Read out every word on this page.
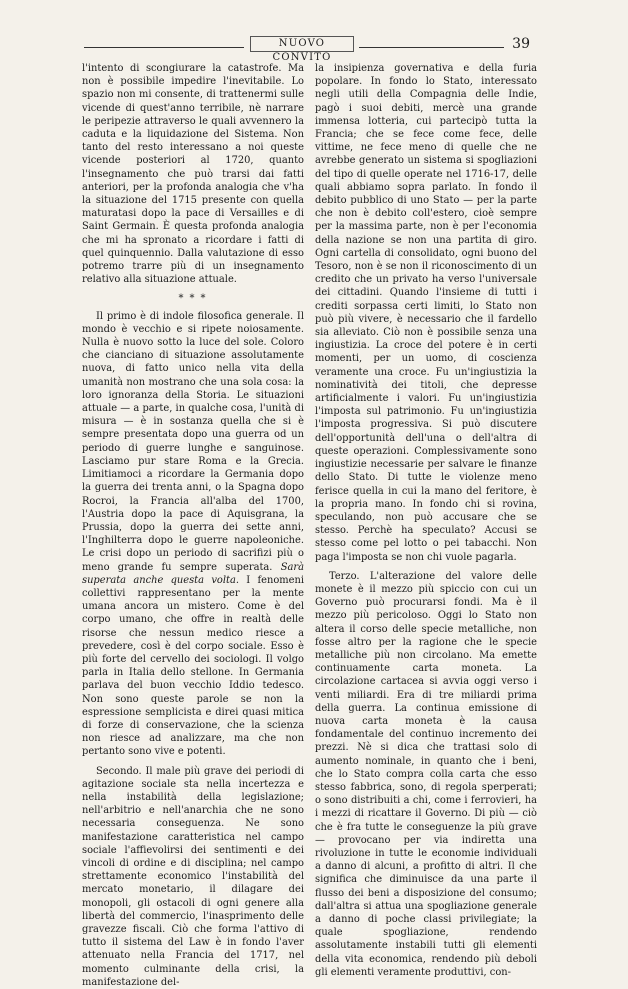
NUOVO CONVITO
39

l'intento di scongiurare la catastrofe. Ma non è possibile impedire l'inevitabile. Lo spazio non mi consente, di trattenermi sulle vicende di quest'anno terribile, nè narrare le peripezie attraverso le quali avvennero la caduta e la liquidazione del Sistema. Non tanto del resto interessano a noi queste vicende posteriori al 1720, quanto l'insegnamento che può trarsi dai fatti anteriori, per la profonda analogia che v'ha la situazione del 1715 presente con quella maturatasi dopo la pace di Versailles e di Saint Germain. È questa profonda analogia che mi ha spronato a ricordare i fatti di quel quinquennio. Dalla valutazione di esso potremo trarre più di un insegnamento relativo alla situazione attuale.

* * *

Il primo è di indole filosofica generale. Il mondo è vecchio e si ripete noiosamente. Nulla è nuovo sotto la luce del sole. Coloro che cianciano di situazione assolutamente nuova, di fatto unico nella vita della umanità non mostrano che una sola cosa: la loro ignoranza della Storia. Le situazioni attuale — a parte, in qualche cosa, l'unità di misura — è in sostanza quella che si è sempre presentata dopo una guerra od un periodo di guerre lunghe e sanguinose. Lasciamo pur stare Roma e la Grecia. Limitiamoci a ricordare la Germania dopo la guerra dei trenta anni, o la Spagna dopo Rocroi, la Francia all'alba del 1700, l'Austria dopo la pace di Aquisgrana, la Prussia, dopo la guerra dei sette anni, l'Inghilterra dopo le guerre napoleoniche. Le crisi dopo un periodo di sacrifizi più o meno grande fu sempre superata. Sarà superata anche questa volta. I fenomeni collettivi rappresentano per la mente umana ancora un mistero. Come è del corpo umano, che offre in realtà delle risorse che nessun medico riesce a prevedere, così è del corpo sociale. Esso è più forte del cervello dei sociologi. Il volgo parla in Italia dello stellone. In Germania parlava del buon vecchio Iddio tedesco. Non sono queste parole se non la espressione semplicista e direi quasi mitica di forze di conservazione, che la scienza non riesce ad analizzare, ma che non pertanto sono vive e potenti.

Secondo. Il male più grave dei periodi di agitazione sociale sta nella incertezza e nella instabilità della legislazione; nell'arbitrio e nell'anarchia che ne sono necessaria conseguenza. Ne sono manifestazione caratteristica nel campo sociale l'affievolirsi dei sentimenti e dei vincoli di ordine e di disciplina; nel campo strettamente economico l'instabilità del mercato monetario, il dilagare dei monopoli, gli ostacoli di ogni genere alla libertà del commercio, l'inasprimento delle gravezze fiscali. Ciò che forma l'attivo di tutto il sistema del Law è in fondo l'aver attenuato nella Francia del 1717, nel momento culminante della crisi, la manifestazione del-

la insipienza governativa e della furia popolare. In fondo lo Stato, interessato negli utili della Compagnia delle Indie, pagò i suoi debiti, mercè una grande immensa lotteria, cui partecipò tutta la Francia; che se fece come fece, delle vittime, ne fece meno di quelle che ne avrebbe generato un sistema si spogliazioni del tipo di quelle operate nel 1716-17, delle quali abbiamo sopra parlato. In fondo il debito pubblico di uno Stato — per la parte che non è debito coll'estero, cioè sempre per la massima parte, non è per l'economia della nazione se non una partita di giro. Ogni cartella di consolidato, ogni buono del Tesoro, non è se non il riconoscimento di un credito che un privato ha verso l'universale dei cittadini. Quando l'insieme di tutti i crediti sorpassa certi limiti, lo Stato non può più vivere, è necessario che il fardello sia alleviato. Ciò non è possibile senza una ingiustizia. La croce del potere è in certi momenti, per un uomo, di coscienza veramente una croce. Fu un'ingiustizia la nominatività dei titoli, che depresse artificialmente i valori. Fu un'ingiustizia l'imposta sul patrimonio. Fu un'ingiustizia l'imposta progressiva. Si può discutere dell'opportunità dell'una o dell'altra di queste operazioni. Complessivamente sono ingiustizie necessarie per salvare le finanze dello Stato. Di tutte le violenze meno ferisce quella in cui la mano del feritore, è la propria mano. In fondo chi si rovina, speculando, non può accusare che se stesso. Perchè ha speculato? Accusi se stesso come pel lotto o pei tabacchi. Non paga l'imposta se non chi vuole pagarla.

Terzo. L'alterazione del valore delle monete è il mezzo più spiccio con cui un Governo può procurarsi fondi. Ma è il mezzo più pericoloso. Oggi lo Stato non altera il corso delle specie metalliche, non fosse altro per la ragione che le specie metalliche più non circolano. Ma emette continuamente carta moneta. La circolazione cartacea si avvia oggi verso i venti miliardi. Era di tre miliardi prima della guerra. La continua emissione di nuova carta moneta è la causa fondamentale del continuo incremento dei prezzi. Nè si dica che trattasi solo di aumento nominale, in quanto che i beni, che lo Stato compra colla carta che esso stesso fabbrica, sono, di regola sperperati; o sono distribuiti a chi, come i ferrovieri, ha i mezzi di ricattare il Governo. Di più — ciò che è fra tutte le conseguenze la più grave — provocano per via indiretta una rivoluzione in tutte le economie individuali a danno di alcuni, a profitto di altri. Il che significa che diminuisce da una parte il flusso dei beni a disposizione del consumo; dall'altra si attua una spogliazione generale a danno di poche classi privilegiate; la quale spogliazione, rendendo assolutamente instabili tutti gli elementi della vita economica, rendendo più deboli gli elementi veramente produttivi, con-
